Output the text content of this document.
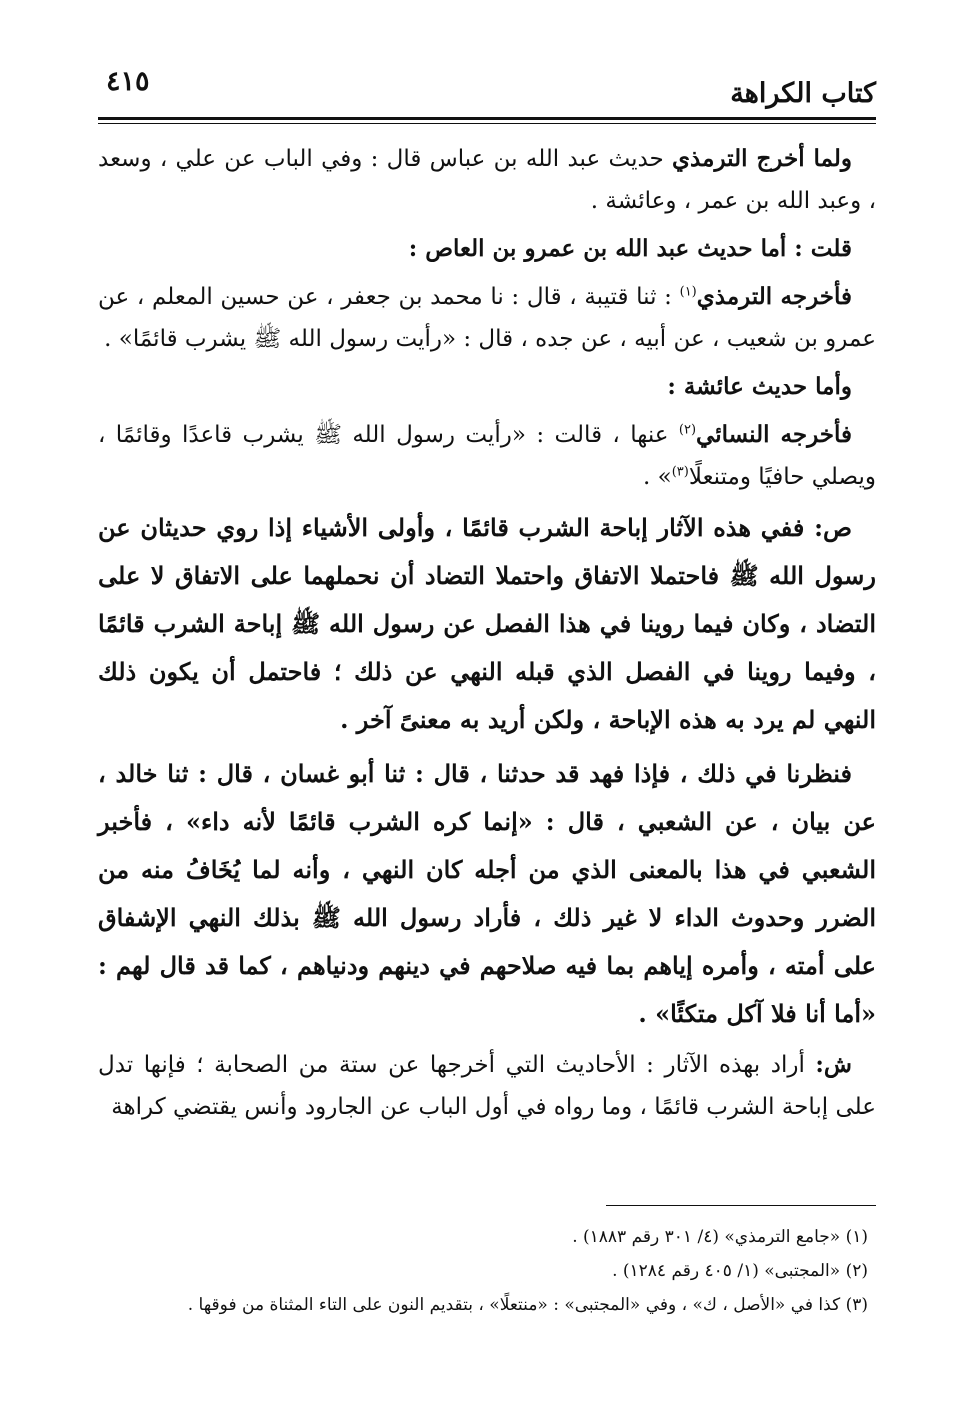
كتاب الكراهة
٤١٥

ولما أخرج الترمذي حديث عبد الله بن عباس قال : وفي الباب عن علي ، وسعد ، وعبد الله بن عمر ، وعائشة .

قلت : أما حديث عبد الله بن عمرو بن العاص :

فأخرجه الترمذي$^{(١)}$ : ثنا قتيبة ، قال : نا محمد بن جعفر ، عن حسين المعلم ، عن عمرو بن شعيب ، عن أبيه ، عن جده ، قال : «رأيت رسول الله ﷺ يشرب قائمًا» .

وأما حديث عائشة :

فأخرجه النسائي$^{(٢)}$ عنها ، قالت : «رأيت رسول الله ﷺ يشرب قاعدًا وقائمًا ، ويصلي حافيًا ومتنعلًا$^{(٣)}$» .

ص: ففي هذه الآثار إباحة الشرب قائمًا ، وأولى الأشياء إذا روي حديثان عن رسول الله ﷺ فاحتملا الاتفاق واحتملا التضاد أن نحملهما على الاتفاق لا على التضاد ، وكان فيما روينا في هذا الفصل عن رسول الله ﷺ إباحة الشرب قائمًا ، وفيما روينا في الفصل الذي قبله النهي عن ذلك ؛ فاحتمل أن يكون ذلك النهي لم يرد به هذه الإباحة ، ولكن أريد به معنىً آخر .

فنظرنا في ذلك ، فإذا فهد قد حدثنا ، قال : ثنا أبو غسان ، قال : ثنا خالد ، عن بيان ، عن الشعبي ، قال : «إنما كره الشرب قائمًا لأنه داء» ، فأخبر الشعبي في هذا بالمعنى الذي من أجله كان النهي ، وأنه لما يُخَافُ منه من الضرر وحدوث الداء لا غير ذلك ، فأراد رسول الله ﷺ بذلك النهي الإشفاق على أمته ، وأمره إياهم بما فيه صلاحهم في دينهم ودنياهم ، كما قد قال لهم : «أما أنا فلا آكل متكئًا» .

ش: أراد بهذه الآثار : الأحاديث التي أخرجها عن ستة من الصحابة ؛ فإنها تدل على إباحة الشرب قائمًا ، وما رواه في أول الباب عن الجارود وأنس يقتضي كراهة

(١) «جامع الترمذي» (٤/ ٣٠١ رقم ١٨٨٣) .
(٢) «المجتبى» (١/ ٤٠٥ رقم ١٢٨٤) .
(٣) كذا في «الأصل ، ك» ، وفي «المجتبى» : «منتعلًا» ، بتقديم النون على التاء المثناة من فوقها .
